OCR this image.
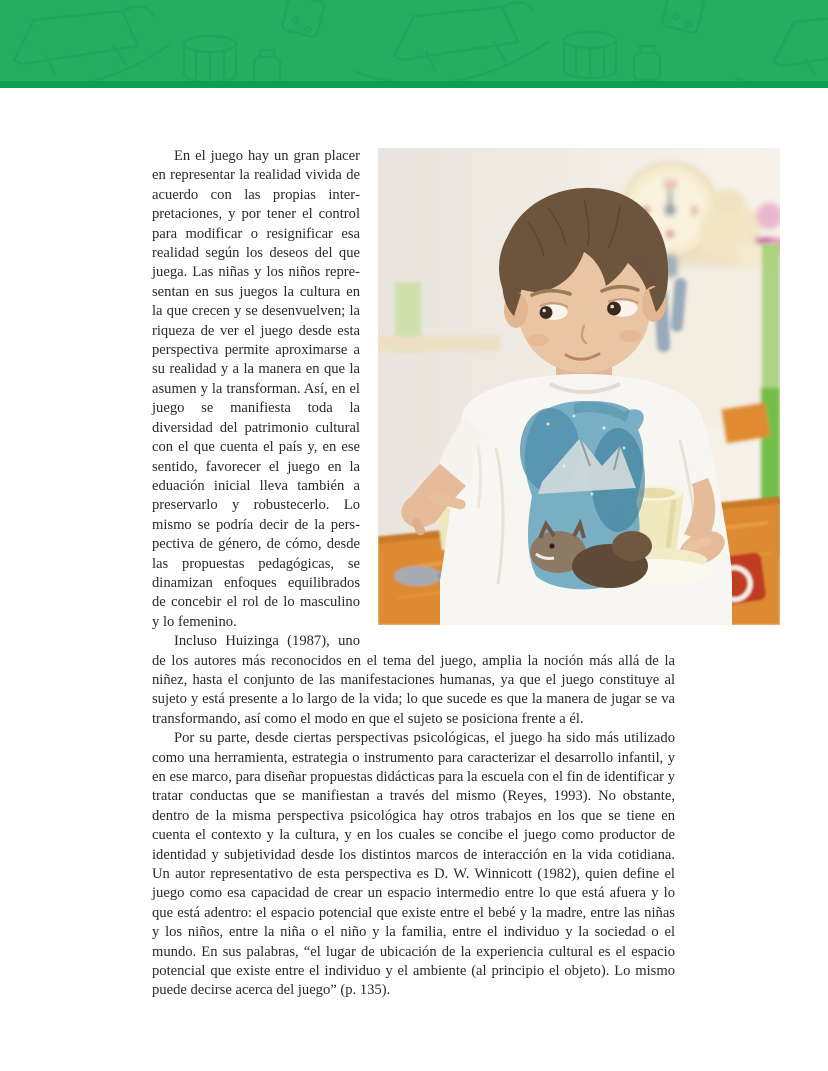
12
3

En el juego hay un gran placer en representar la realidad vivida de acuerdo con las propias interpretaciones, y por tener el control para modificar o resignificar esa realidad según los deseos del que juega. Las niñas y los niños representan en sus juegos la cultura en la que crecen y se desenvuelven; la riqueza de ver el juego desde esta perspectiva permite aproximarse a su realidad y a la manera en que la asumen y la transforman. Así, en el juego se manifiesta toda la diversidad del patrimonio cultural con el que cuenta el país y, en ese sentido, favorecer el juego en la eduación inicial lleva también a preservarlo y robustecerlo. Lo mismo se podría decir de la perspectiva de género, de cómo, desde las propuestas pedagógicas, se dinamizan enfoques equilibrados de concebir el rol de lo masculino y lo femenino.

Incluso Huizinga (1987), uno de los autores más reconocidos en el tema del juego, amplia la noción más allá de la niñez, hasta el conjunto de las manifestaciones humanas, ya que el juego constituye al sujeto y está presente a lo largo de la vida; lo que sucede es que la manera de jugar se va transformando, así como el modo en que el sujeto se posiciona frente a él.

Por su parte, desde ciertas perspectivas psicológicas, el juego ha sido más utilizado como una herramienta, estrategia o instrumento para caracterizar el desarrollo infantil, y en ese marco, para diseñar propuestas didácticas para la escuela con el fin de identificar y tratar conductas que se manifiestan a través del mismo (Reyes, 1993). No obstante, dentro de la misma perspectiva psicológica hay otros trabajos en los que se tiene en cuenta el contexto y la cultura, y en los cuales se concibe el juego como productor de identidad y subjetividad desde los distintos marcos de interacción en la vida cotidiana. Un autor representativo de esta perspectiva es D. W. Winnicott (1982), quien define el juego como esa capacidad de crear un espacio intermedio entre lo que está afuera y lo que está adentro: el espacio potencial que existe entre el bebé y la madre, entre las niñas y los niños, entre la niña o el niño y la familia, entre el individuo y la sociedad o el mundo. En sus palabras, “el lugar de ubicación de la experiencia cultural es el espacio potencial que existe entre el individuo y el ambiente (al principio el objeto). Lo mismo puede decirse acerca del juego” (p. 135).
